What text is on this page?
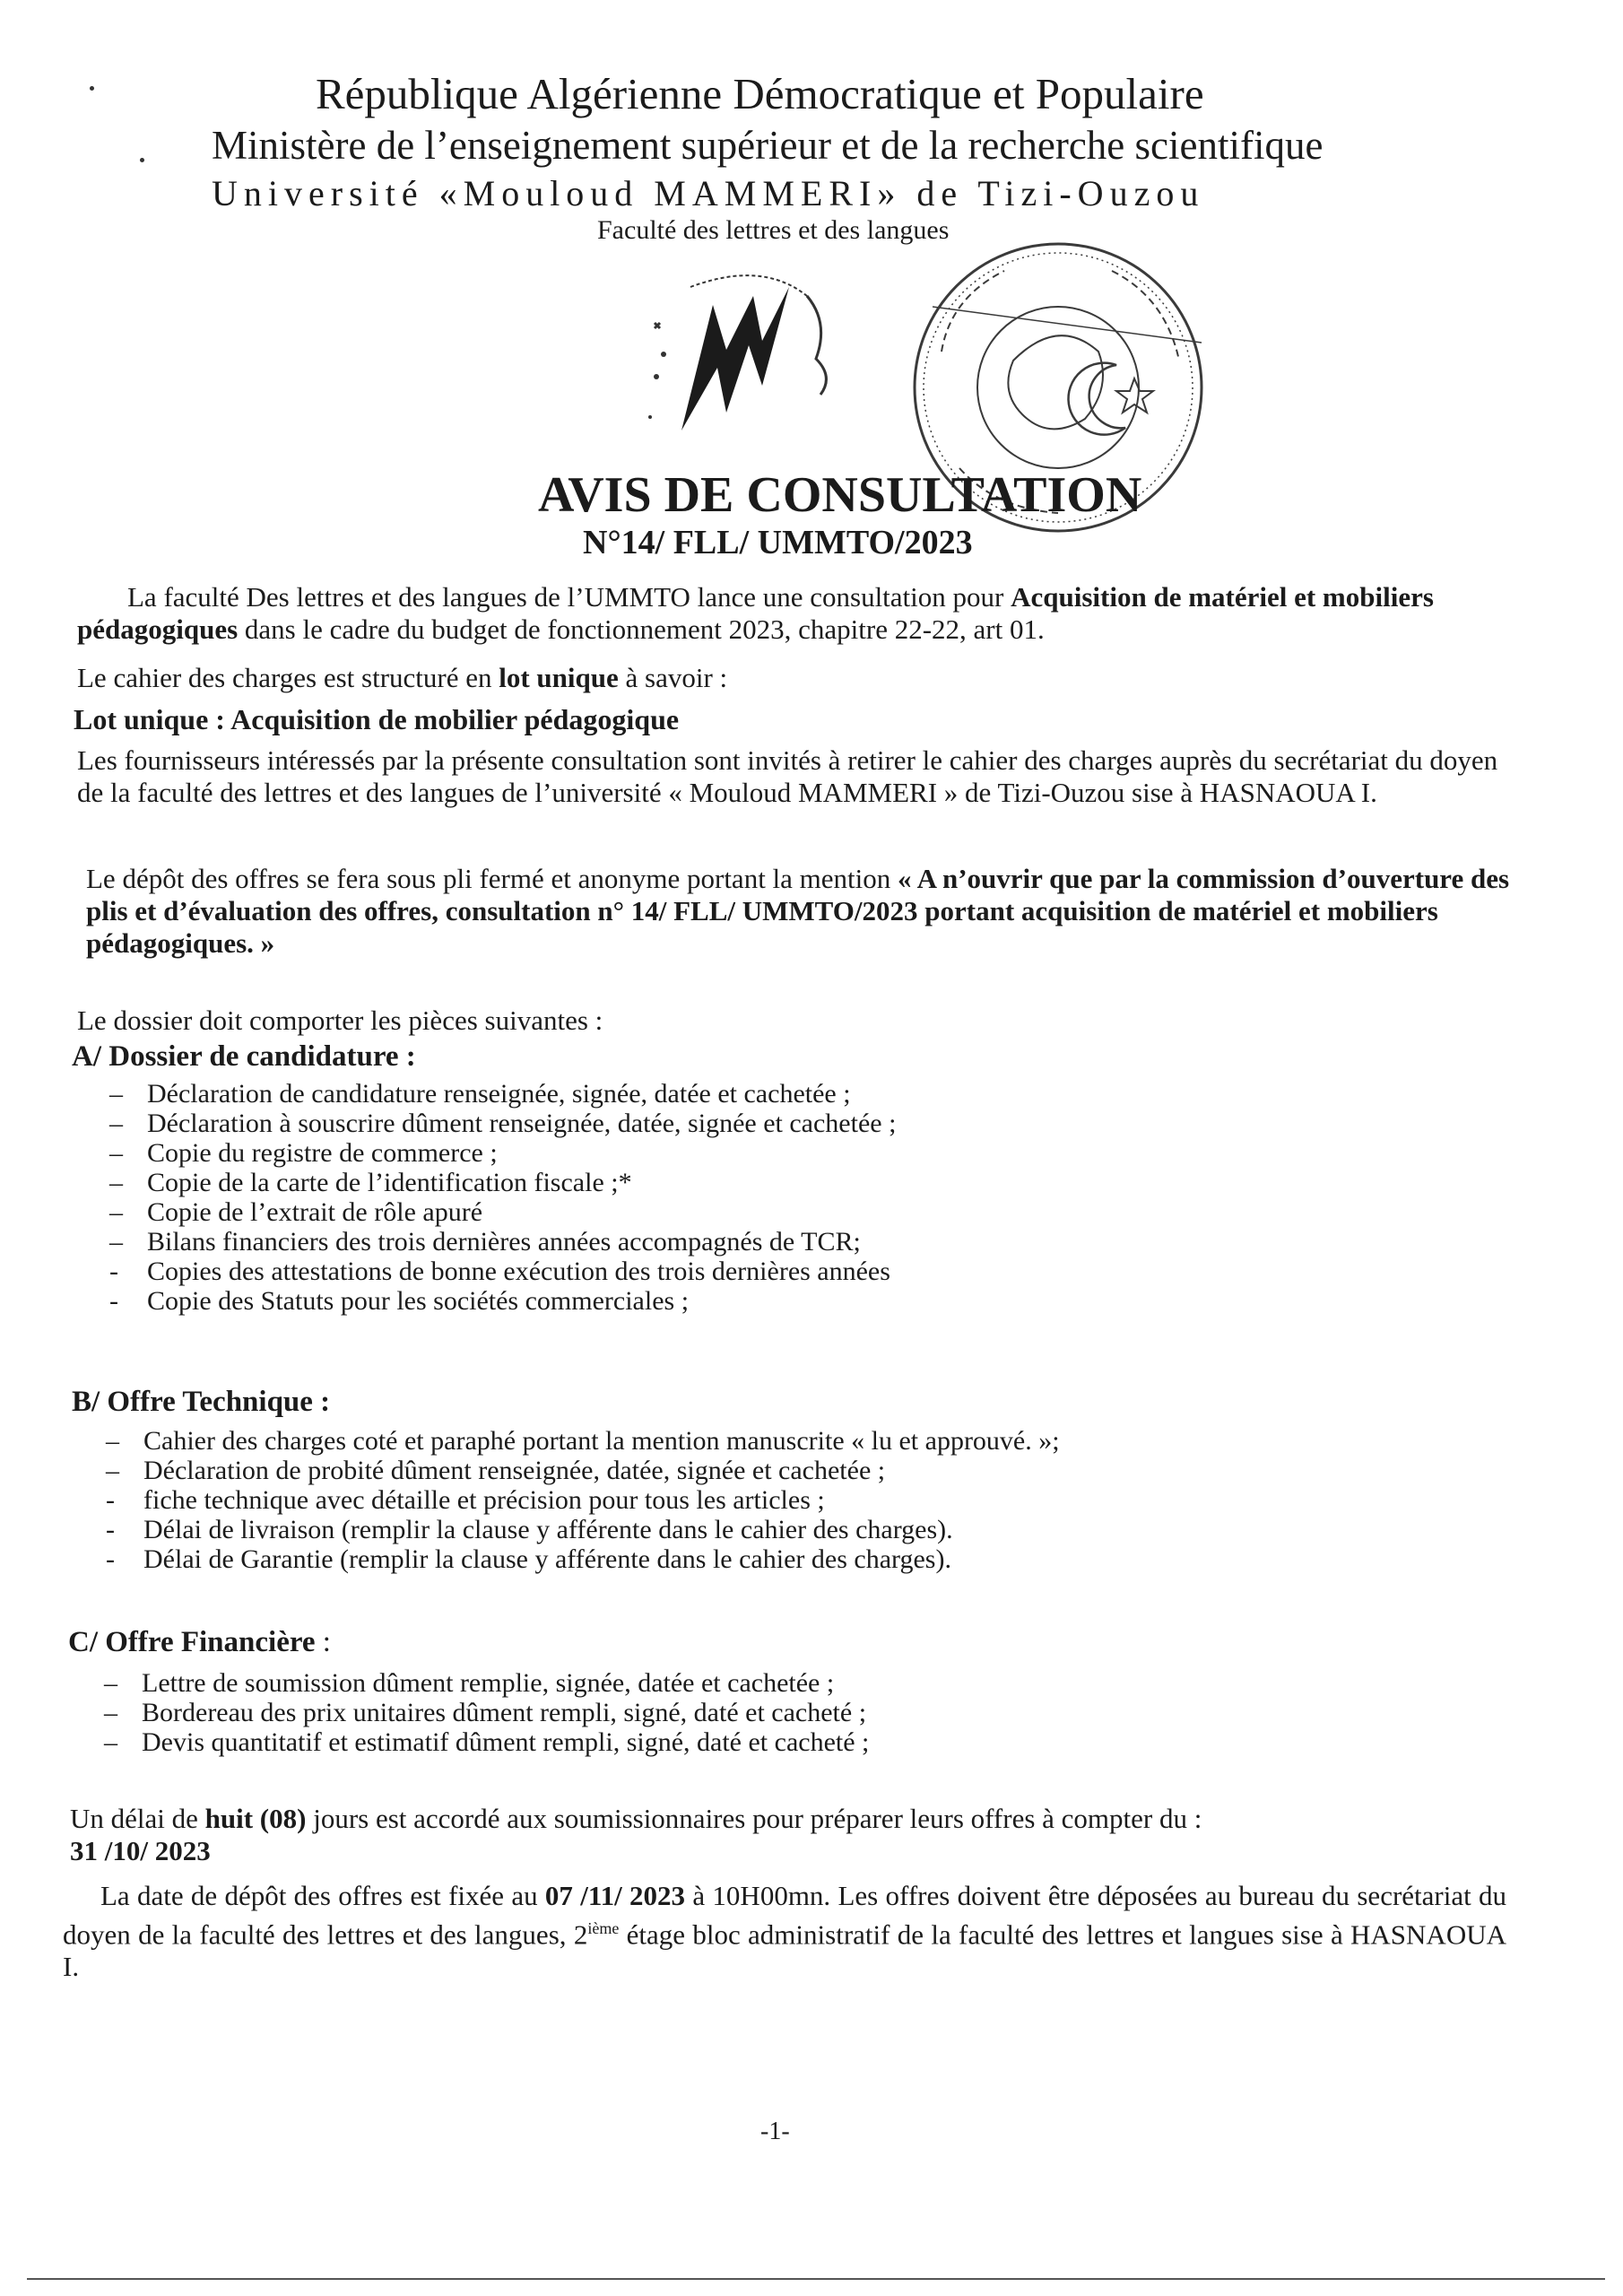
République Algérienne Démocratique et Populaire
Ministère de l’enseignement supérieur et de la recherche scientifique
Université «Mouloud MAMMERI» de Tizi-Ouzou
Faculté des lettres et des langues
AVIS DE CONSULTATION
N°14/ FLL/ UMMTO/2023
La faculté Des lettres et des langues de l’UMMTO lance une consultation pour Acquisition de matériel et mobiliers pédagogiques dans le cadre du budget de fonctionnement 2023, chapitre 22-22, art 01.
Le cahier des charges est structuré en lot unique à savoir :
Lot unique : Acquisition de mobilier pédagogique
Les fournisseurs intéressés par la présente consultation sont invités à retirer le cahier des charges auprès du secrétariat du doyen de la faculté des lettres et des langues de l’université « Mouloud MAMMERI » de Tizi-Ouzou sise à HASNAOUA I.
Le dépôt des offres se fera sous pli fermé et anonyme portant la mention « A n’ouvrir que par la commission d’ouverture des plis et d’évaluation des offres, consultation n° 14/ FLL/ UMMTO/2023 portant acquisition de matériel et mobiliers pédagogiques. »
Le dossier doit comporter les pièces suivantes :
A/ Dossier de candidature :
– Déclaration de candidature renseignée, signée, datée et cachetée ;
– Déclaration à souscrire dûment renseignée, datée, signée et cachetée ;
– Copie du registre de commerce ;
– Copie de la carte de l’identification fiscale ;*
– Copie de l’extrait de rôle apuré
– Bilans financiers des trois dernières années accompagnés de TCR;
- Copies des attestations de bonne exécution des trois dernières années
- Copie des Statuts pour les sociétés commerciales ;
B/ Offre Technique :
– Cahier des charges coté et paraphé portant la mention manuscrite « lu et approuvé. »;
– Déclaration de probité dûment renseignée, datée, signée et cachetée ;
- fiche technique avec détaille et précision pour tous les articles ;
- Délai de livraison (remplir la clause y afférente dans le cahier des charges).
- Délai de Garantie (remplir la clause y afférente dans le cahier des charges).
C/ Offre Financière :
– Lettre de soumission dûment remplie, signée, datée et cachetée ;
– Bordereau des prix unitaires dûment rempli, signé, daté et cacheté ;
– Devis quantitatif et estimatif dûment rempli, signé, daté et cacheté ;
Un délai de huit (08) jours est accordé aux soumissionnaires pour préparer leurs offres à compter du :
31 /10/ 2023
La date de dépôt des offres est fixée au 07 /11/ 2023 à 10H00mn. Les offres doivent être déposées au bureau du secrétariat du doyen de la faculté des lettres et des langues, 2ième étage bloc administratif de la faculté des lettres et langues sise à HASNAOUA I.
-1-
